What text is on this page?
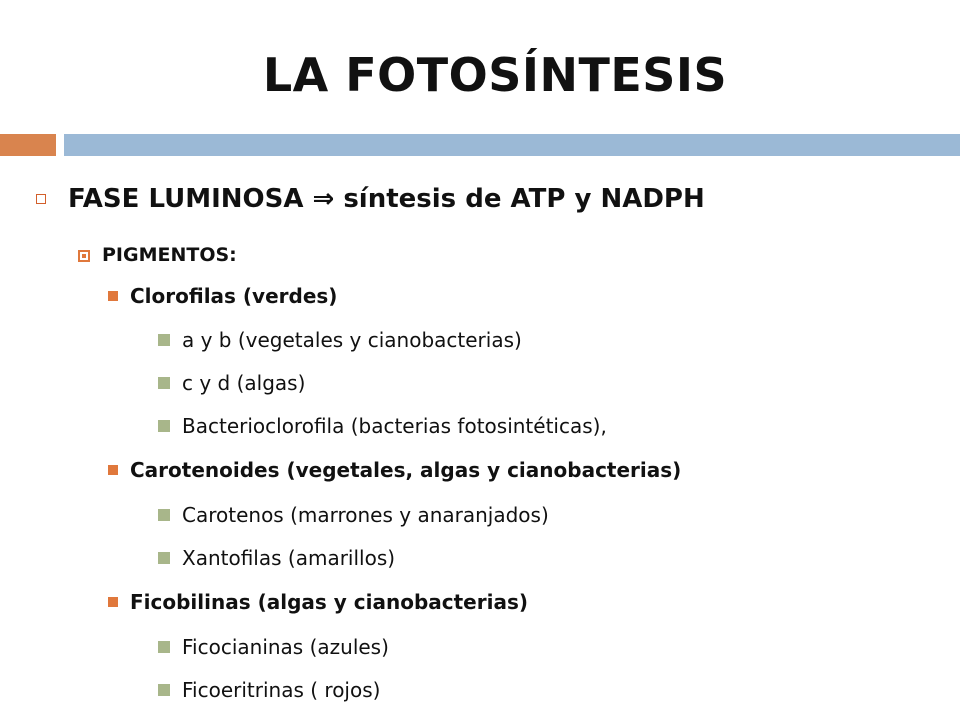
LA FOTOSÍNTESIS
FASE LUMINOSA ⇒ síntesis de ATP y NADPH
PIGMENTOS:
Clorofilas (verdes)
a y b (vegetales y cianobacterias)
c y d (algas)
Bacterioclorofila (bacterias fotosintéticas),
Carotenoides (vegetales, algas y cianobacterias)
Carotenos (marrones y anaranjados)
Xantofilas (amarillos)
Ficobilinas (algas y cianobacterias)
Ficocianinas (azules)
Ficoeritrinas ( rojos)
